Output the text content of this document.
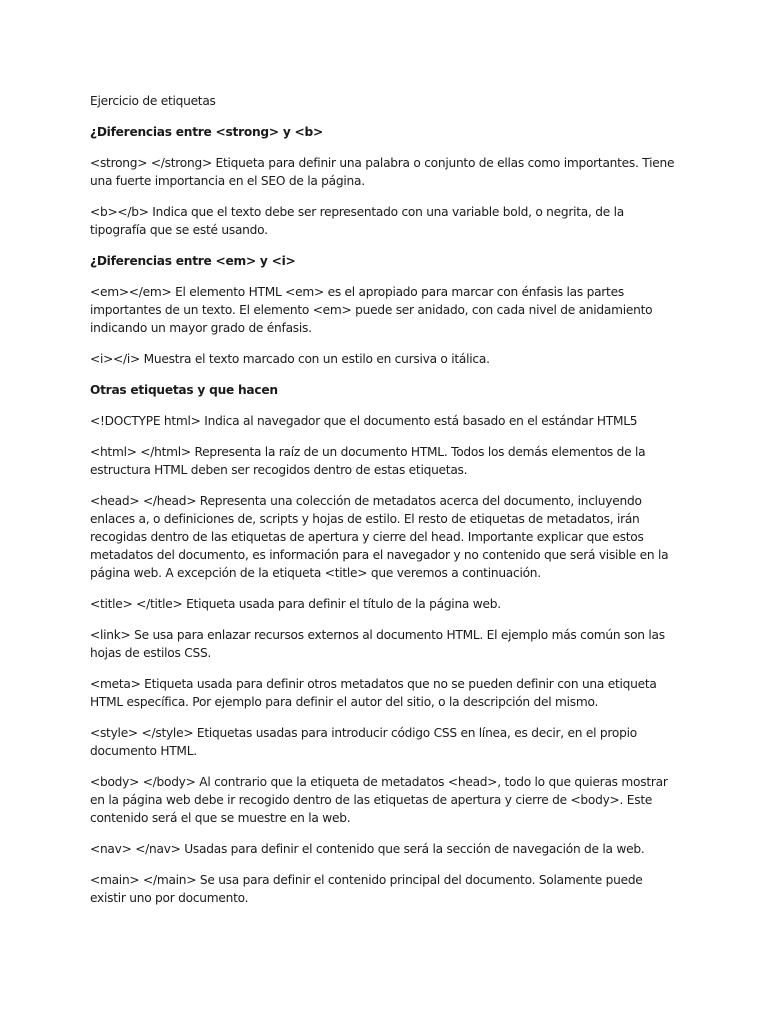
Ejercicio de etiquetas

¿Diferencias entre <strong> y <b>

<strong> </strong> Etiqueta para definir una palabra o conjunto de ellas como importantes. Tiene una fuerte importancia en el SEO de la página.

<b></b> Indica que el texto debe ser representado con una variable bold, o negrita, de la tipografía que se esté usando.

¿Diferencias entre <em> y <i>

<em></em> El elemento HTML <em> es el apropiado para marcar con énfasis las partes importantes de un texto. El elemento <em> puede ser anidado, con cada nivel de anidamiento indicando un mayor grado de énfasis.

<i></i> Muestra el texto marcado con un estilo en cursiva o itálica.

Otras etiquetas y que hacen

<!DOCTYPE html> Indica al navegador que el documento está basado en el estándar HTML5

<html> </html> Representa la raíz de un documento HTML. Todos los demás elementos de la estructura HTML deben ser recogidos dentro de estas etiquetas.

<head> </head> Representa una colección de metadatos acerca del documento, incluyendo enlaces a, o definiciones de, scripts y hojas de estilo. El resto de etiquetas de metadatos, irán recogidas dentro de las etiquetas de apertura y cierre del head. Importante explicar que estos metadatos del documento, es información para el navegador y no contenido que será visible en la página web. A excepción de la etiqueta <title> que veremos a continuación.

<title> </title> Etiqueta usada para definir el título de la página web.

<link> Se usa para enlazar recursos externos al documento HTML. El ejemplo más común son las hojas de estilos CSS.

<meta> Etiqueta usada para definir otros metadatos que no se pueden definir con una etiqueta HTML específica. Por ejemplo para definir el autor del sitio, o la descripción del mismo.

<style> </style> Etiquetas usadas para introducir código CSS en línea, es decir, en el propio documento HTML.

<body> </body> Al contrario que la etiqueta de metadatos <head>, todo lo que quieras mostrar en la página web debe ir recogido dentro de las etiquetas de apertura y cierre de <body>. Este contenido será el que se muestre en la web.

<nav> </nav> Usadas para definir el contenido que será la sección de navegación de la web.

<main> </main> Se usa para definir el contenido principal del documento. Solamente puede existir uno por documento.
